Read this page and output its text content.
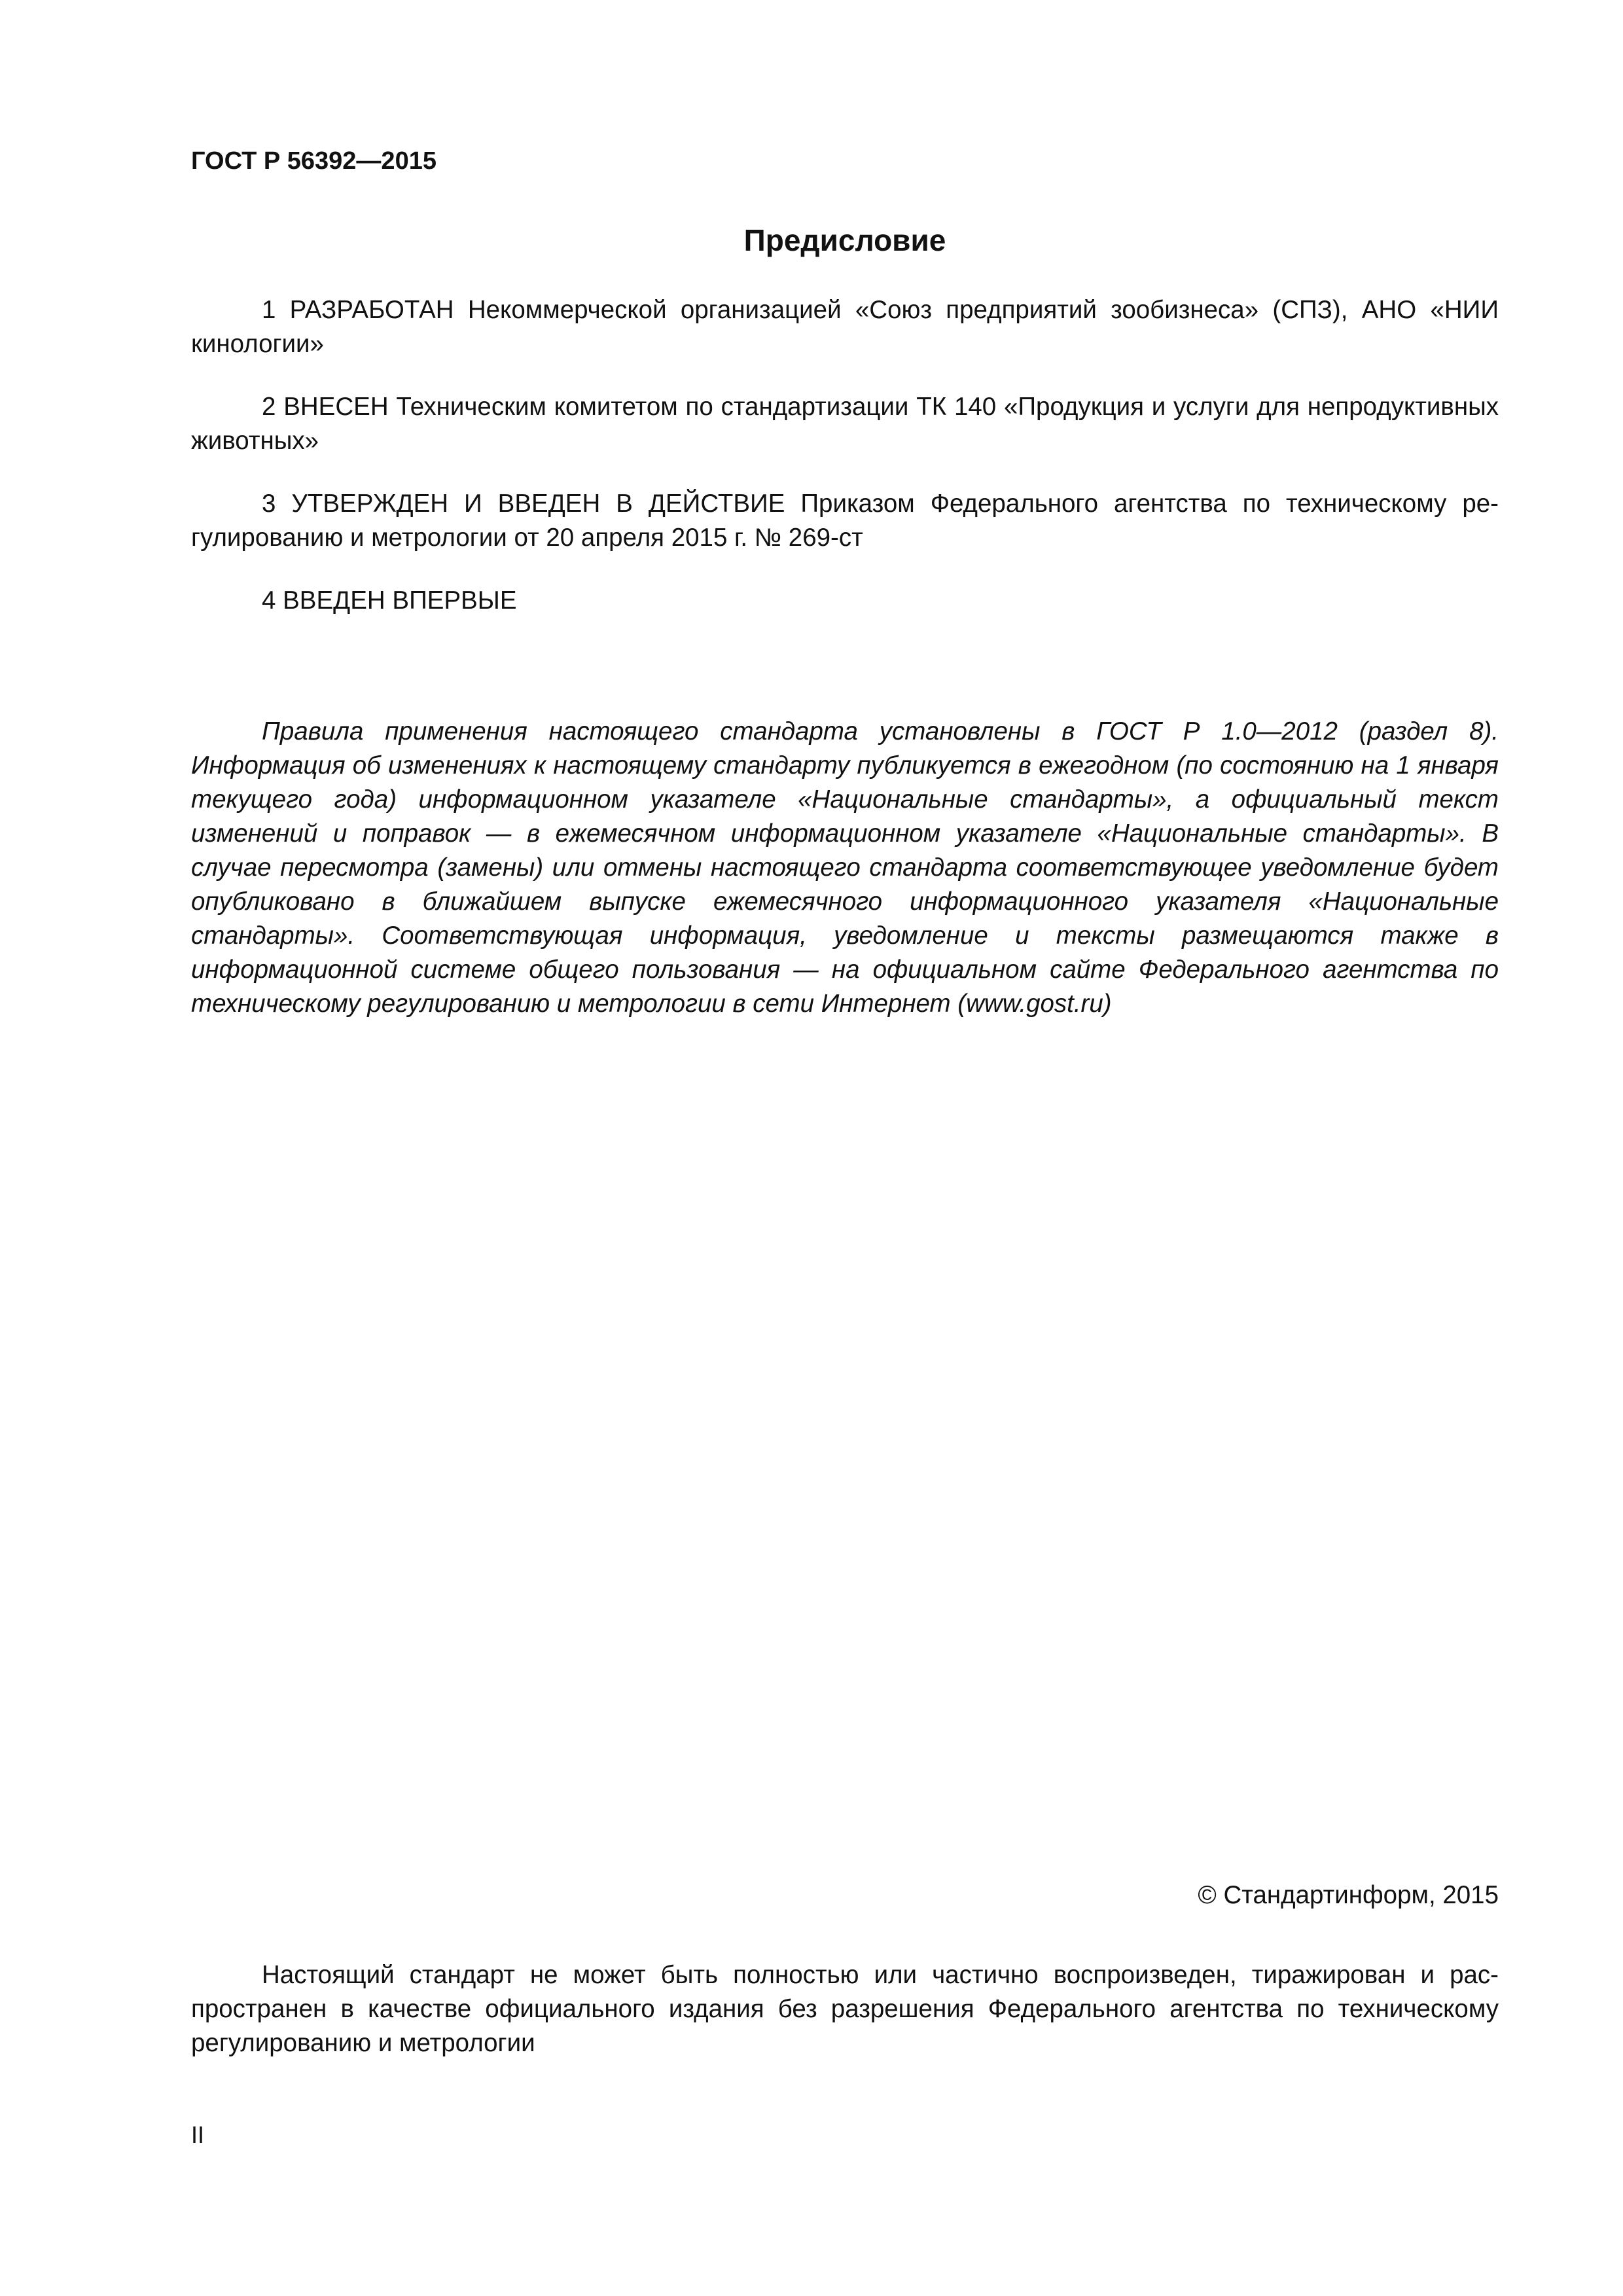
ГОСТ Р 56392—2015

Предисловие

1 РАЗРАБОТАН Некоммерческой организацией «Союз предприятий зообизнеса» (СПЗ), АНО «НИИ кинологии»

2 ВНЕСЕН Техническим комитетом по стандартизации ТК 140 «Продукция и услуги для непродуктивных животных»

3 УТВЕРЖДЕН И ВВЕДЕН В ДЕЙСТВИЕ Приказом Федерального агентства по техническому регулированию и метрологии от 20 апреля 2015 г. № 269-ст

4 ВВЕДЕН ВПЕРВЫЕ

Правила применения настоящего стандарта установлены в ГОСТ Р 1.0—2012 (раздел 8). Информация об изменениях к настоящему стандарту публикуется в ежегодном (по состоянию на 1 января текущего года) информационном указателе «Национальные стандарты», а официальный текст изменений и поправок — в ежемесячном информационном указателе «Национальные стандарты». В случае пересмотра (замены) или отмены настоящего стандарта соответствующее уведомление будет опубликовано в ближайшем выпуске ежемесячного информационного указателя «Национальные стандарты». Соответствующая информация, уведомление и тексты размещаются также в информационной системе общего пользования — на официальном сайте Федерального агентства по техническому регулированию и метрологии в сети Интернет (www.gost.ru)

© Стандартинформ, 2015

Настоящий стандарт не может быть полностью или частично воспроизведен, тиражирован и распространен в качестве официального издания без разрешения Федерального агентства по техническому регулированию и метрологии

II
